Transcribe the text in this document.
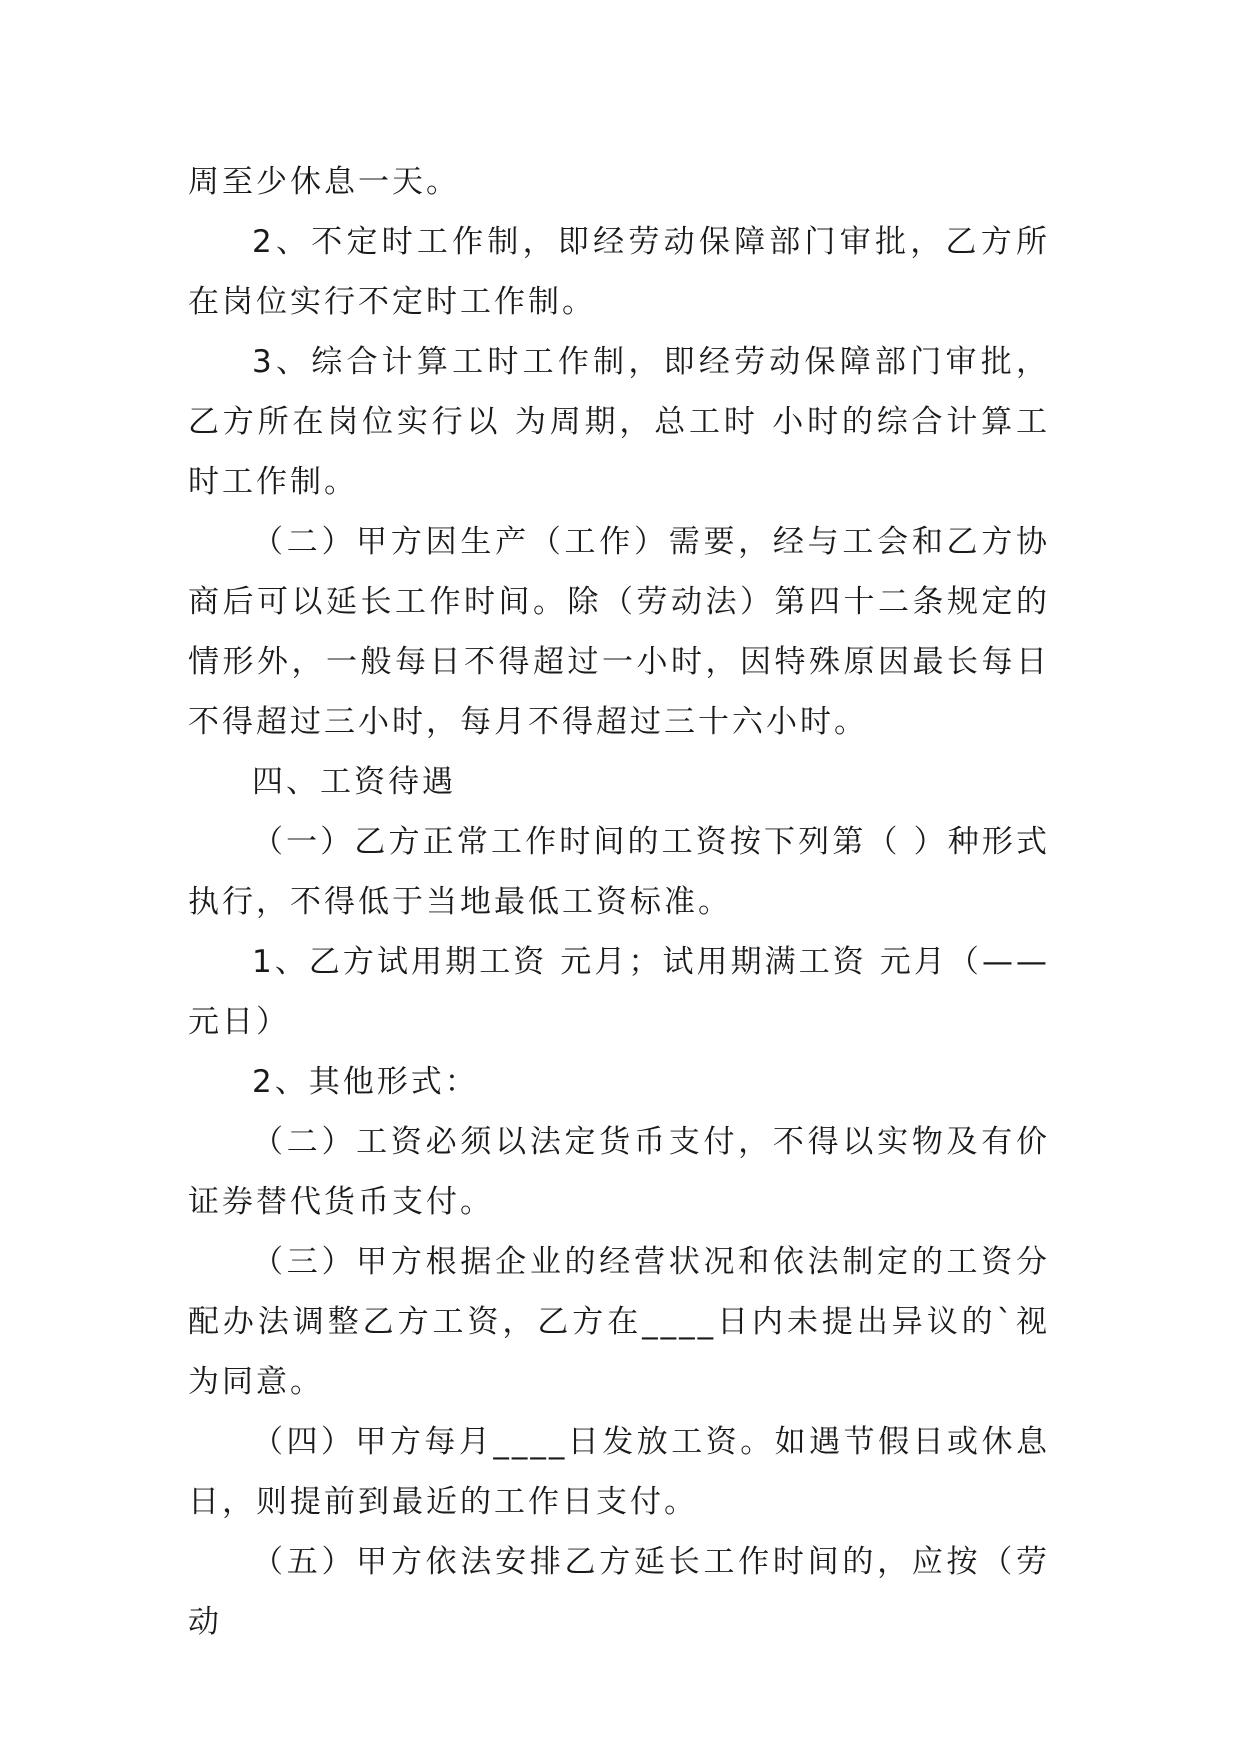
周至少休息一天。

2、不定时工作制，即经劳动保障部门审批，乙方所在岗位实行不定时工作制。

3、综合计算工时工作制，即经劳动保障部门审批，乙方所在岗位实行以 为周期，总工时 小时的综合计算工时工作制。

（二）甲方因生产（工作）需要，经与工会和乙方协商后可以延长工作时间。除（劳动法）第四十二条规定的情形外，一般每日不得超过一小时，因特殊原因最长每日不得超过三小时，每月不得超过三十六小时。

四、工资待遇

（一）乙方正常工作时间的工资按下列第（ ）种形式执行，不得低于当地最低工资标准。

1、乙方试用期工资 元月；试用期满工资 元月（——元日）

2、其他形式：

（二）工资必须以法定货币支付，不得以实物及有价证券替代货币支付。

（三）甲方根据企业的经营状况和依法制定的工资分配办法调整乙方工资，乙方在____日内未提出异议的`视为同意。

（四）甲方每月____日发放工资。如遇节假日或休息日，则提前到最近的工作日支付。

（五）甲方依法安排乙方延长工作时间的，应按（劳动
